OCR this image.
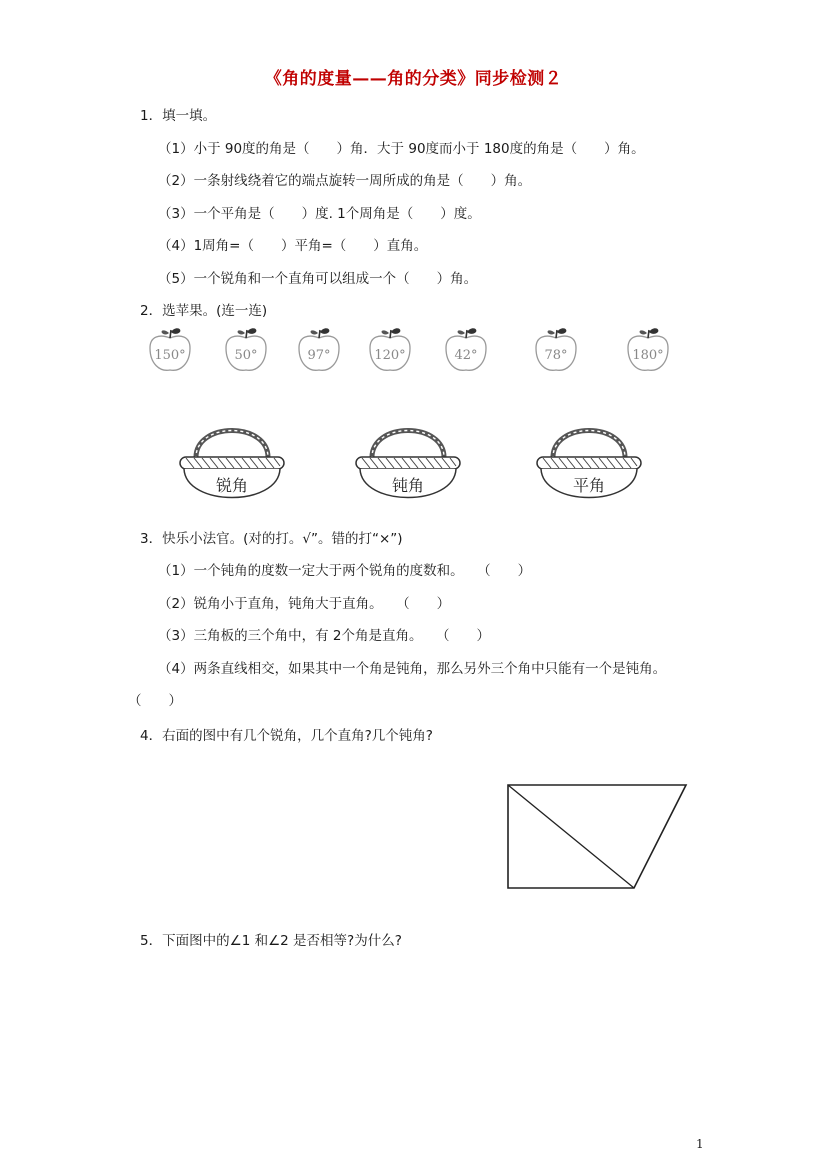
《角的度量——角的分类》同步检测２
1．填一填。
（1）小于 90度的角是（　　）角．大于 90度而小于 180度的角是（　　）角。
（2）一条射线绕着它的端点旋转一周所成的角是（　　）角。
（3）一个平角是（　　）度. 1个周角是（　　）度。
（4）1周角=（　　）平角=（　　）直角。
（5）一个锐角和一个直角可以组成一个（　　）角。
2．选苹果。(连一连)
150°	50°	97°	120°	42°	78°	180°
锐角	钝角	平角
3．快乐小法官。(对的打。√”。错的打“×”)
（1）一个钝角的度数一定大于两个锐角的度数和。　　（　　）
（2）锐角小于直角，钝角大于直角。　　（　　）
（3）三角板的三个角中，有 2个角是直角。　　（　　）
（4）两条直线相交，如果其中一个角是钝角，那么另外三个角中只能有一个是钝角。
（　　）
4．右面的图中有几个锐角，几个直角?几个钝角?
5．下面图中的∠1 和∠2 是否相等?为什么?
1
